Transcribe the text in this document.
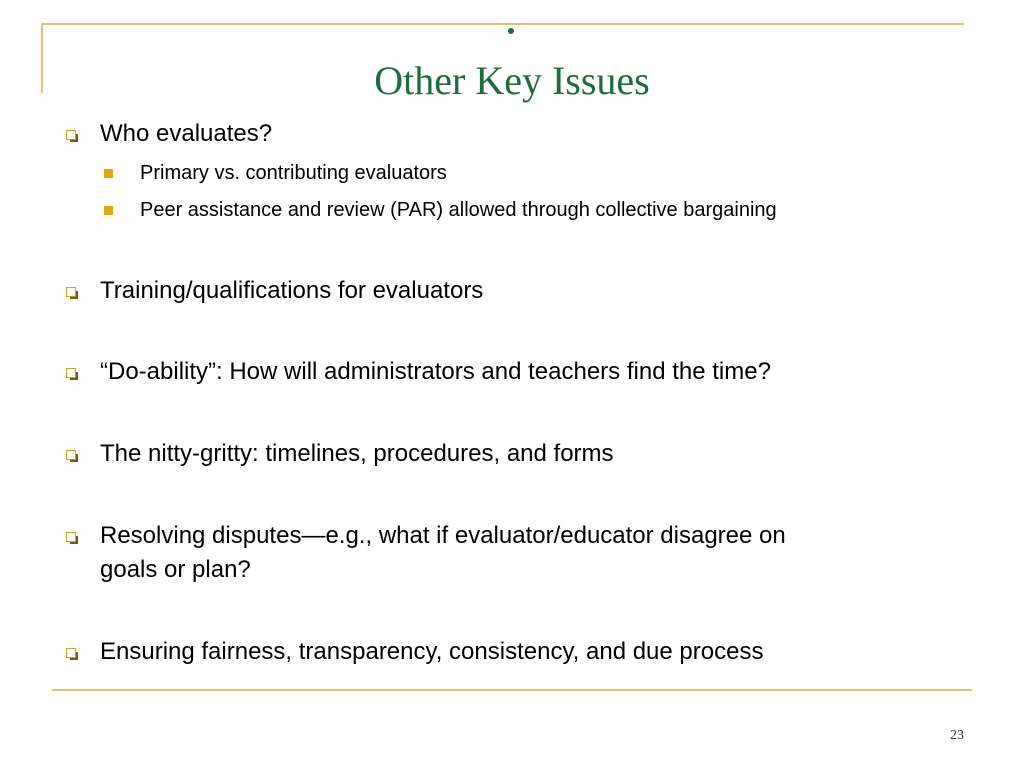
Other Key Issues
Who evaluates?
Primary vs. contributing evaluators
Peer assistance and review (PAR) allowed through collective bargaining
Training/qualifications for evaluators
“Do-ability”: How will administrators and teachers find the time?
The nitty-gritty: timelines, procedures, and forms
Resolving disputes—e.g., what if evaluator/educator disagree on
goals or plan?
Ensuring fairness, transparency, consistency, and due process
23
